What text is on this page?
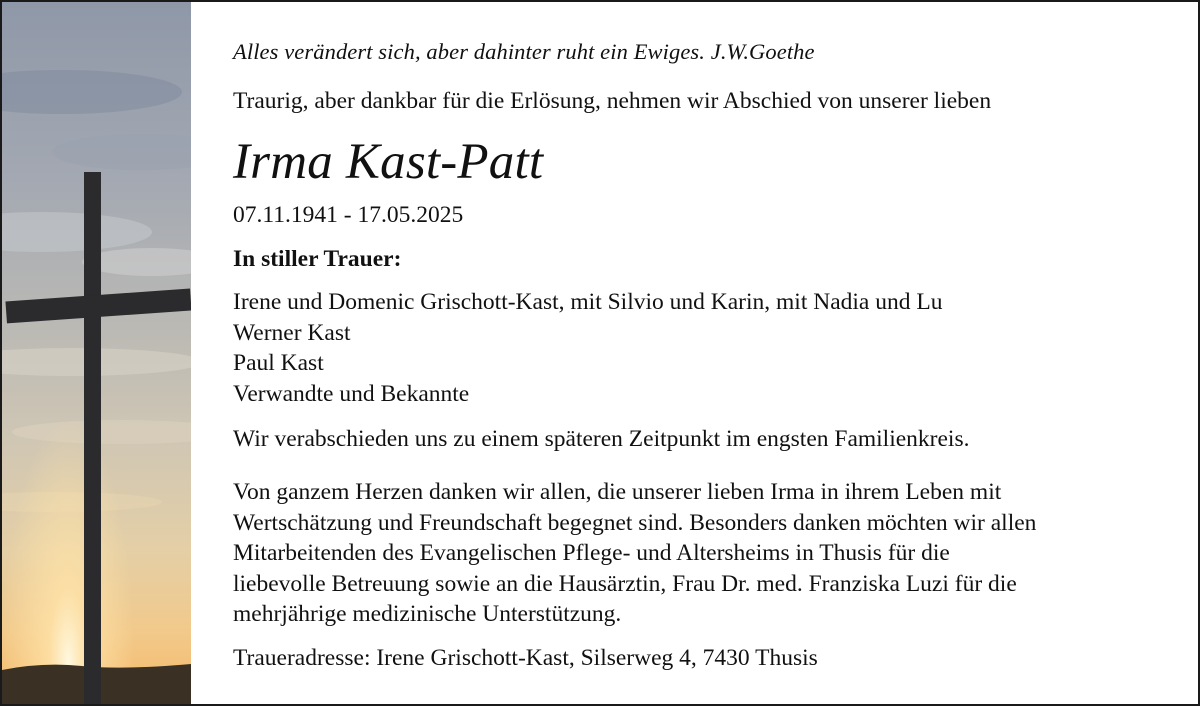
Alles verändert sich, aber dahinter ruht ein Ewiges. J.W.Goethe
Traurig, aber dankbar für die Erlösung, nehmen wir Abschied von unserer lieben
Irma Kast-Patt
07.11.1941 - 17.05.2025
In stiller Trauer:
Irene und Domenic Grischott-Kast, mit Silvio und Karin, mit Nadia und Lu
Werner Kast
Paul Kast
Verwandte und Bekannte
Wir verabschieden uns zu einem späteren Zeitpunkt im engsten Familienkreis.
Von ganzem Herzen danken wir allen, die unserer lieben Irma in ihrem Leben mit
Wertschätzung und Freundschaft begegnet sind. Besonders danken möchten wir allen
Mitarbeitenden des Evangelischen Pflege- und Altersheims in Thusis für die
liebevolle Betreuung sowie an die Hausärztin, Frau Dr. med. Franziska Luzi für die
mehrjährige medizinische Unterstützung.
Traueradresse: Irene Grischott-Kast, Silserweg 4, 7430 Thusis
